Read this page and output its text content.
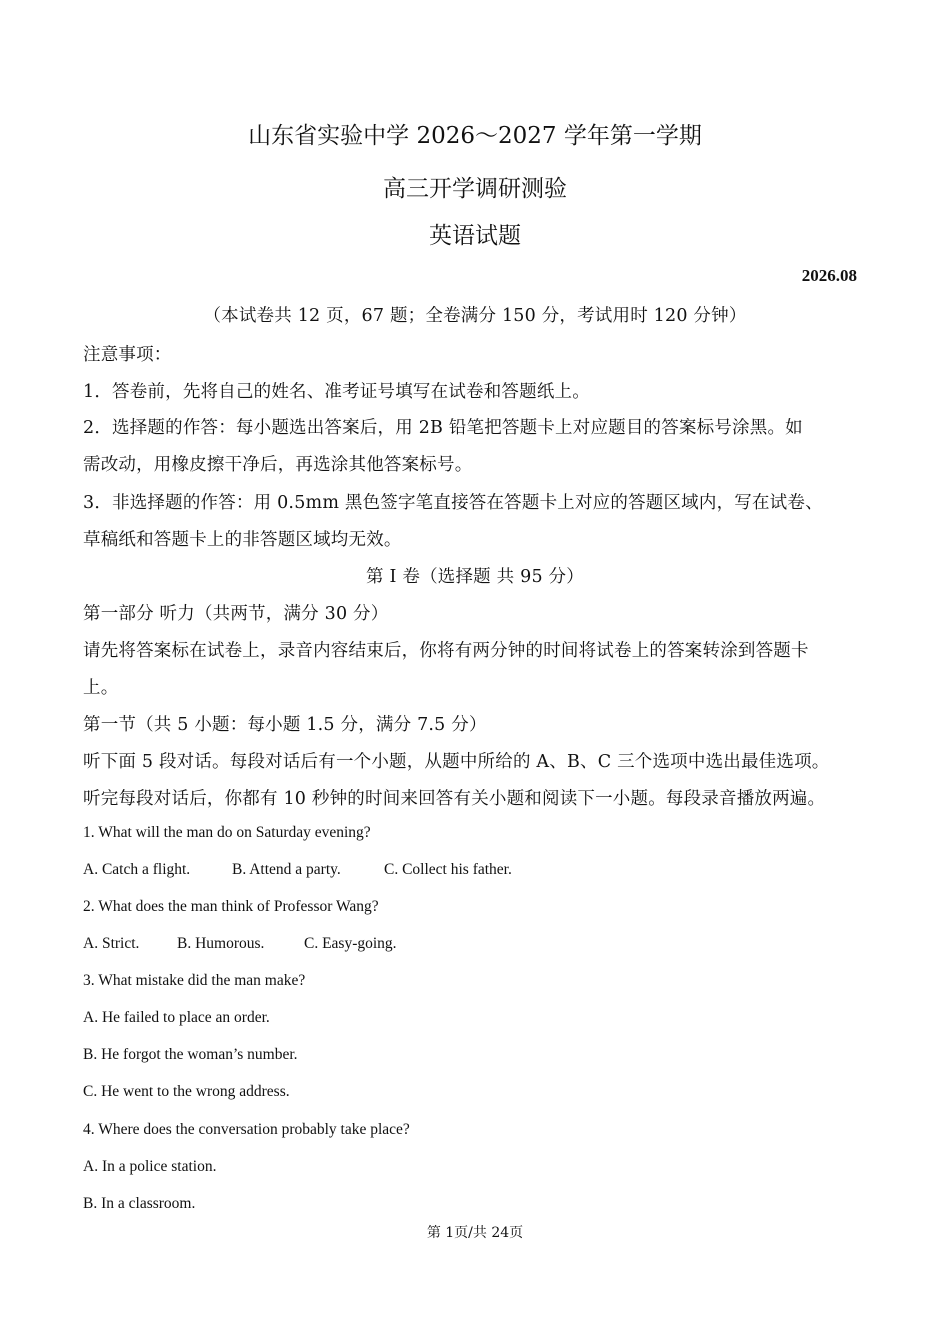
山东省实验中学 2026～2027 学年第一学期
高三开学调研测验
英语试题
2026.08
（本试卷共 12 页，67 题；全卷满分 150 分，考试用时 120 分钟）
注意事项：
1．答卷前，先将自己的姓名、准考证号填写在试卷和答题纸上。
2．选择题的作答：每小题选出答案后，用 2B 铅笔把答题卡上对应题目的答案标号涂黑。如
需改动，用橡皮擦干净后，再选涂其他答案标号。
3．非选择题的作答：用 0.5mm 黑色签字笔直接答在答题卡上对应的答题区域内，写在试卷、
草稿纸和答题卡上的非答题区域均无效。
第 I 卷（选择题 共 95 分）
第一部分 听力（共两节，满分 30 分）
请先将答案标在试卷上，录音内容结束后，你将有两分钟的时间将试卷上的答案转涂到答题卡
上。
第一节（共 5 小题：每小题 1.5 分，满分 7.5 分）
听下面 5 段对话。每段对话后有一个小题，从题中所给的 A、B、C 三个选项中选出最佳选项。
听完每段对话后，你都有 10 秒钟的时间来回答有关小题和阅读下一小题。每段录音播放两遍。
1. What will the man do on Saturday evening?
A. Catch a flight.	B. Attend a party.	C. Collect his father.
2. What does the man think of Professor Wang?
A. Strict. B. Humorous.	C. Easy-going.
3. What mistake did the man make?
A. He failed to place an order.
B. He forgot the woman’s number.
C. He went to the wrong address.
4. Where does the conversation probably take place?
A. In a police station.
B. In a classroom.
第 1页/共 24页
